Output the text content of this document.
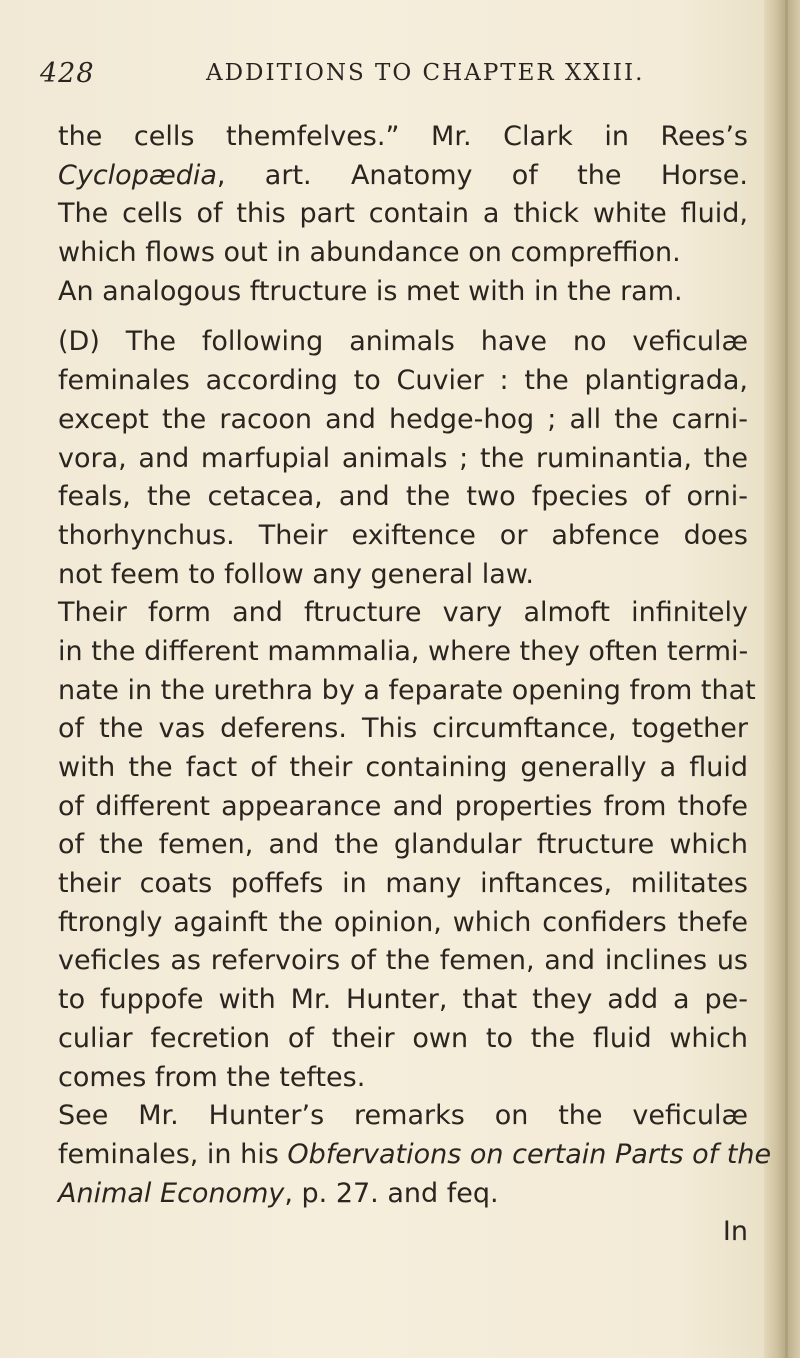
428	ADDITIONS TO CHAPTER XXIII.
the cells themfelves.” Mr. Clark in Rees’s
Cyclopædia, art. Anatomy of the Horse.
The cells of this part contain a thick white fluid,
which flows out in abundance on compreffion.
An analogous ftructure is met with in the ram.
(D) The following animals have no veficulæ
feminales according to Cuvier : the plantigrada,
except the racoon and hedge-hog ; all the carni-
vora, and marfupial animals ; the ruminantia, the
feals, the cetacea, and the two fpecies of orni-
thorhynchus. Their exiftence or abfence does
not feem to follow any general law.
Their form and ftructure vary almoft infinitely
in the different mammalia, where they often termi-
nate in the urethra by a feparate opening from that
of the vas deferens. This circumftance, together
with the fact of their containing generally a fluid
of different appearance and properties from thofe
of the femen, and the glandular ftructure which
their coats poffefs in many inftances, militates
ftrongly againft the opinion, which confiders thefe
veficles as refervoirs of the femen, and inclines us
to fuppofe with Mr. Hunter, that they add a pe-
culiar fecretion of their own to the fluid which
comes from the teftes.
See Mr. Hunter’s remarks on the veficulæ
feminales, in his Obfervations on certain Parts of the
Animal Economy, p. 27. and feq.
In
